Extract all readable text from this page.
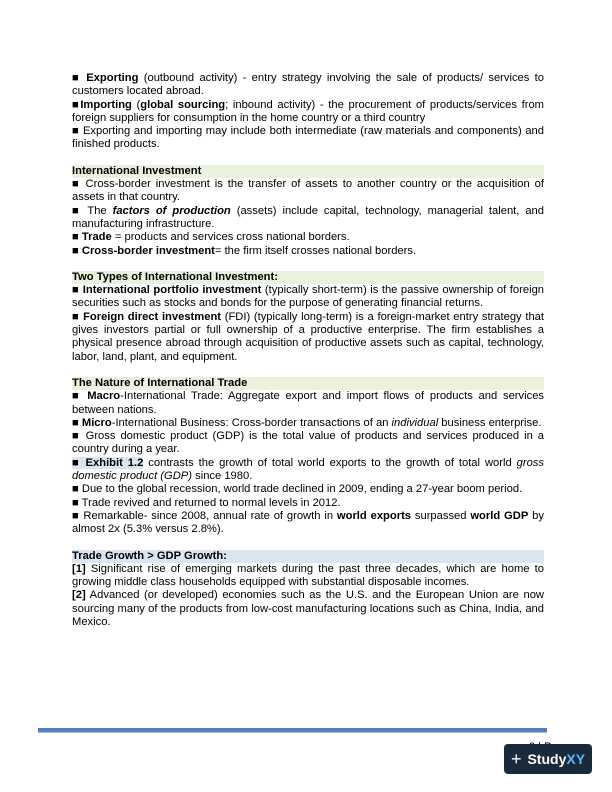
■ Exporting (outbound activity) - entry strategy involving the sale of products/ services to customers located abroad.

■Importing (global sourcing; inbound activity) - the procurement of products/services from foreign suppliers for consumption in the home country or a third country

■ Exporting and importing may include both intermediate (raw materials and components) and finished products.

International Investment

■ Cross-border investment is the transfer of assets to another country or the acquisition of assets in that country.

■ The factors of production (assets) include capital, technology, managerial talent, and manufacturing infrastructure.

■ Trade = products and services cross national borders.

■ Cross-border investment= the firm itself crosses national borders.

Two Types of International Investment:

■ International portfolio investment (typically short-term) is the passive ownership of foreign securities such as stocks and bonds for the purpose of generating financial returns.

■ Foreign direct investment (FDI) (typically long-term) is a foreign-market entry strategy that gives investors partial or full ownership of a productive enterprise. The firm establishes a physical presence abroad through acquisition of productive assets such as capital, technology, labor, land, plant, and equipment.

The Nature of International Trade

■ Macro-International Trade: Aggregate export and import flows of products and services between nations.

■ Micro-International Business: Cross-border transactions of an individual business enterprise.

■ Gross domestic product (GDP) is the total value of products and services produced in a country during a year.

■ Exhibit 1.2 contrasts the growth of total world exports to the growth of total world gross domestic product (GDP) since 1980.

■ Due to the global recession, world trade declined in 2009, ending a 27-year boom period.

■ Trade revived and returned to normal levels in 2012.

■ Remarkable- since 2008, annual rate of growth in world exports surpassed world GDP by almost 2x (5.3% versus 2.8%).

Trade Growth > GDP Growth:

[1] Significant rise of emerging markets during the past three decades, which are home to growing middle class households equipped with substantial disposable incomes.

[2] Advanced (or developed) economies such as the U.S. and the European Union are now sourcing many of the products from low-cost manufacturing locations such as China, India, and Mexico.

+ Study XY
